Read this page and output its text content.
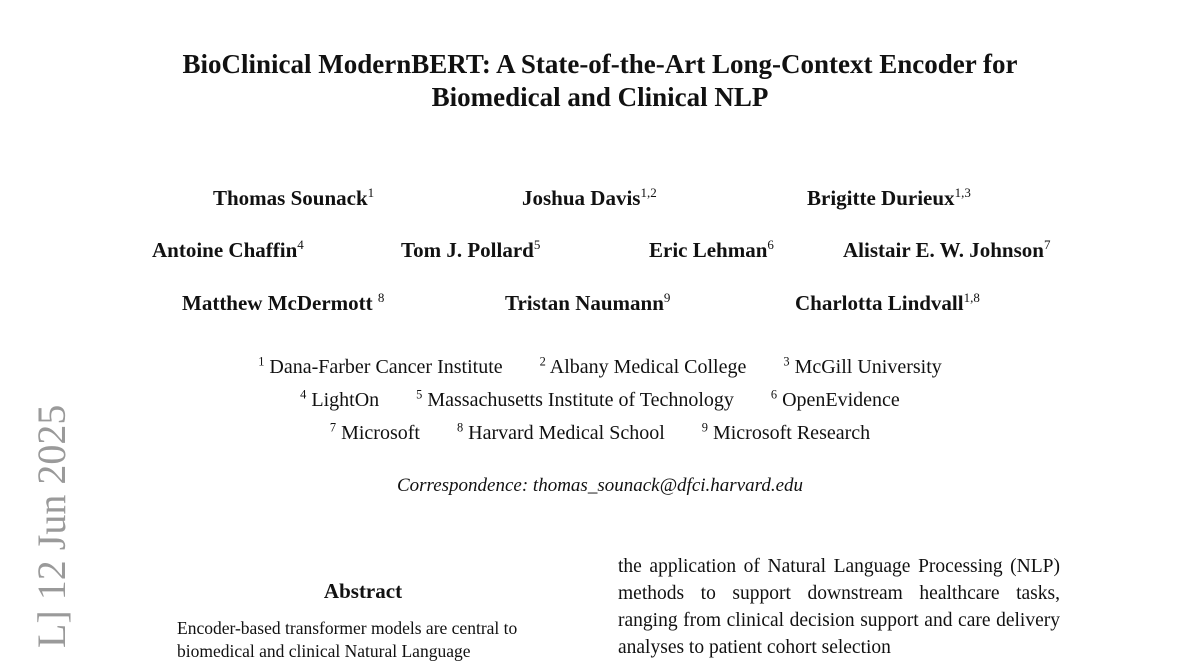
L] 12 Jun 2025
BioClinical ModernBERT: A State-of-the-Art Long-Context Encoder for
Biomedical and Clinical NLP
Thomas Sounack$^1$	Joshua Davis$^{1,2}$	Brigitte Durieux$^{1,3}$
Antoine Chaffin$^4$	Tom J. Pollard$^5$	Eric Lehman$^6$	Alistair E. W. Johnson$^7$
Matthew McDermott $^8$	Tristan Naumann$^9$	Charlotta Lindvall$^{1,8}$
$^1$ Dana-Farber Cancer Institute	$^2$ Albany Medical College	$^3$ McGill University
$^4$ LightOn	$^5$ Massachusetts Institute of Technology	$^6$ OpenEvidence
$^7$ Microsoft	$^8$ Harvard Medical School	$^9$ Microsoft Research
Correspondence: thomas_sounack@dfci.harvard.edu
Abstract
Encoder-based transformer models are central to biomedical and clinical Natural Language
the application of Natural Language Processing (NLP) methods to support downstream healthcare tasks, ranging from clinical decision support and care delivery analyses to patient cohort selection
